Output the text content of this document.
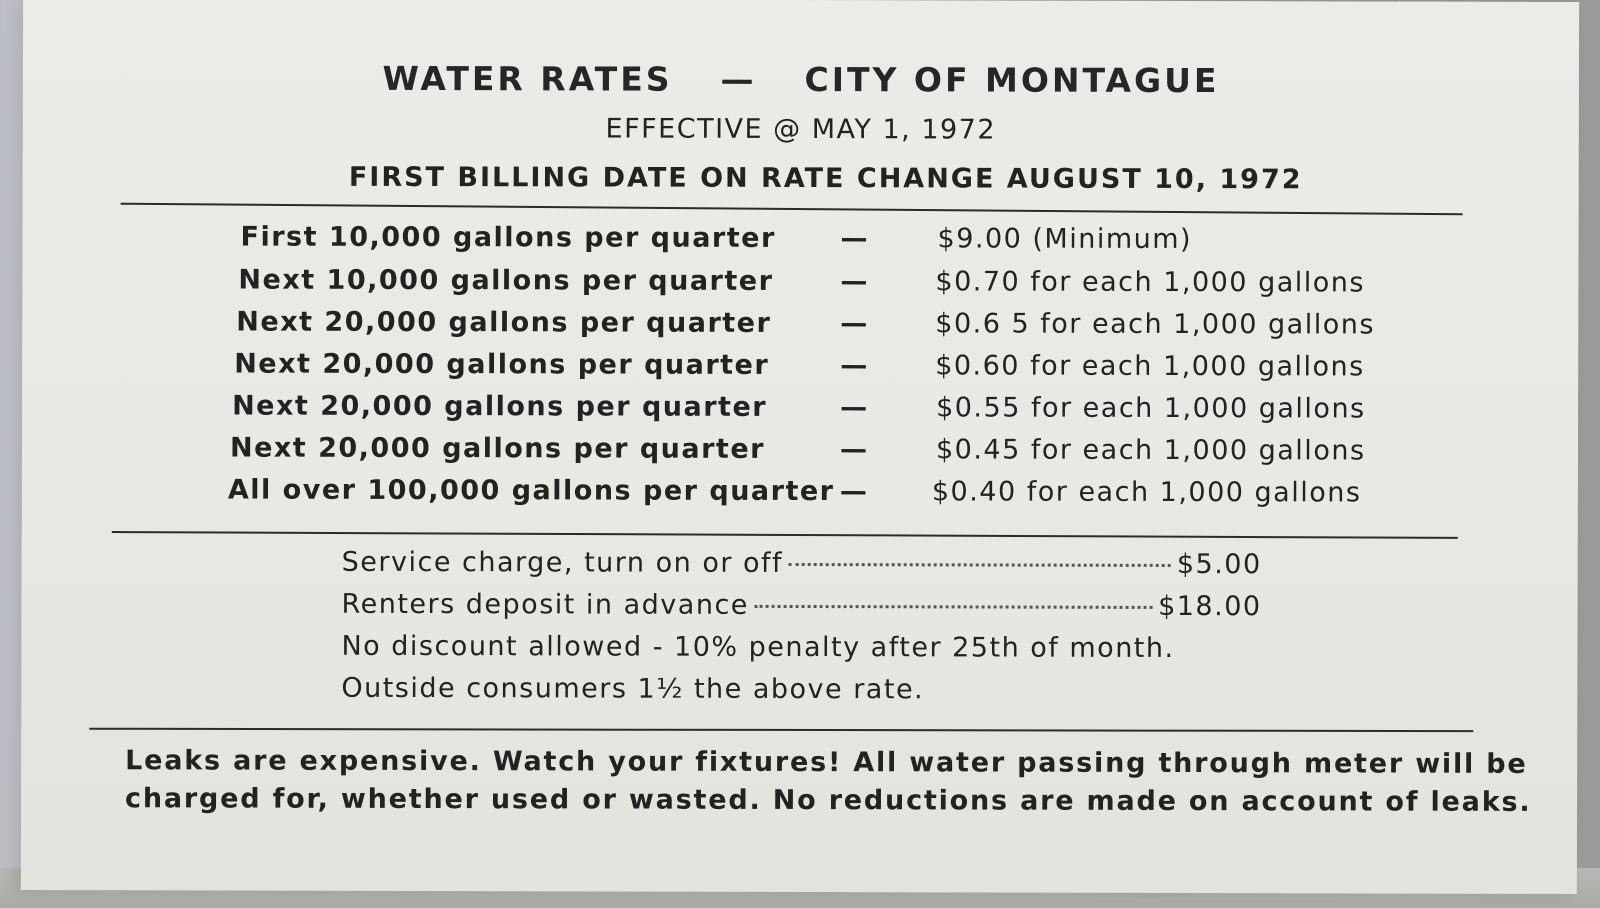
WATER RATES — CITY OF MONTAGUE
EFFECTIVE @ MAY 1, 1972
FIRST BILLING DATE ON RATE CHANGE AUGUST 10, 1972
First 10,000 gallons per quarter —	$9.00 (Minimum)
Next 10,000 gallons per quarter — $0.70 for each 1,000 gallons
Next 20,000 gallons per quarter	— $0.6 5 for each 1,000 gallons
Next 20,000 gallons per quarter	— $0.60 for each 1,000 gallons
Next 20,000 gallons per quarter	— $0.55 for each 1,000 gallons
Next 20,000 gallons per quarter	— $0.45 for each 1,000 gallons
All over 100,000 gallons per quarter — $0.40 for each 1,000 gallons
Service charge, turn on or off	$5.00
Renters deposit in advance	$18.00
No discount allowed - 10% penalty after 25th of month.
Outside consumers 1½ the above rate.
Leaks are expensive. Watch your fixtures! All water passing through meter will be
charged for, whether used or wasted. No reductions are made on account of leaks.
